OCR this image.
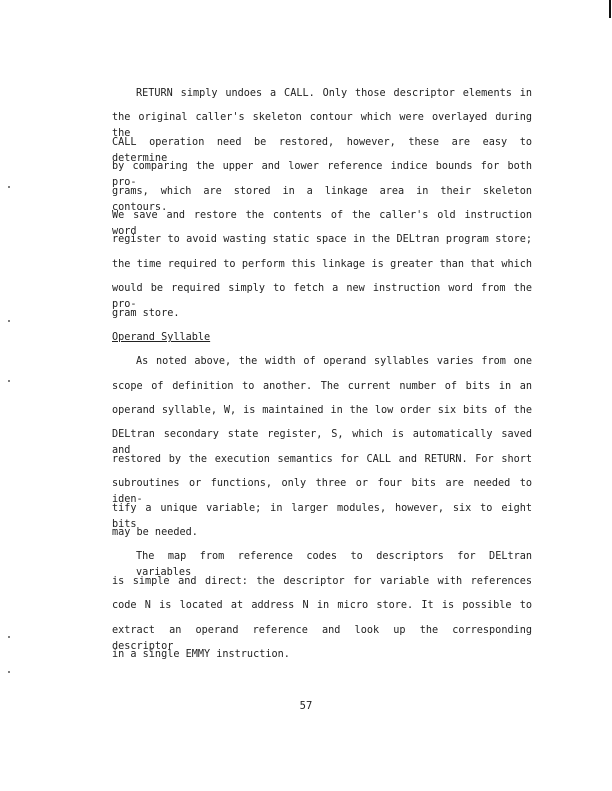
RETURN simply undoes a CALL. Only those descriptor elements in
the original caller's skeleton contour which were overlayed during the
CALL operation need be restored, however, these are easy to determine
by comparing the upper and lower reference indice bounds for both pro-
grams, which are stored in a linkage area in their skeleton contours.
We save and restore the contents of the caller's old instruction word
register to avoid wasting static space in the DELtran program store;
the time required to perform this linkage is greater than that which
would be required simply to fetch a new instruction word from the pro-
gram store.
Operand Syllable
As noted above, the width of operand syllables varies from one
scope of definition to another. The current number of bits in an
operand syllable, W, is maintained in the low order six bits of the
DELtran secondary state register, S, which is automatically saved and
restored by the execution semantics for CALL and RETURN. For short
subroutines or functions, only three or four bits are needed to iden-
tify a unique variable; in larger modules, however, six to eight bits
may be needed.
The map from reference codes to descriptors for DELtran variables
is simple and direct: the descriptor for variable with references
code N is located at address N in micro store. It is possible to
extract an operand reference and look up the corresponding descriptor
in a single EMMY instruction.
57
